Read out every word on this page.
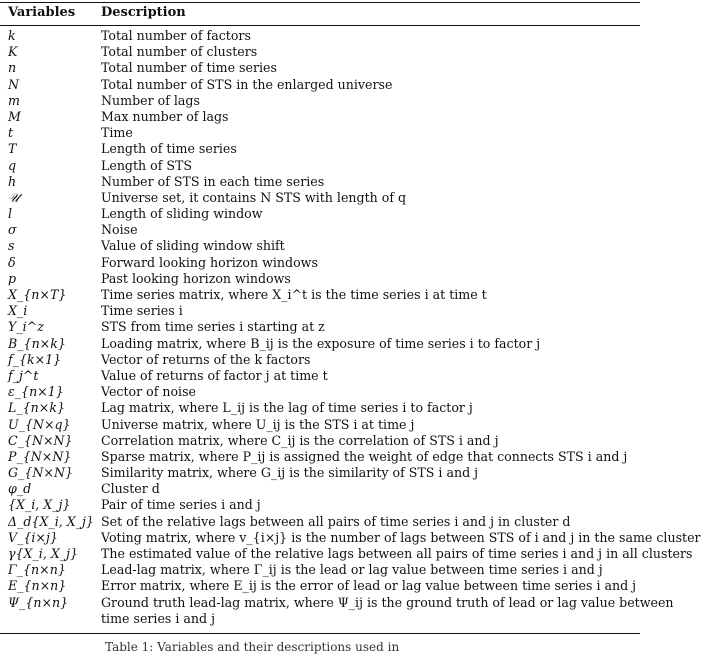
Variables Description
k	Total number of factors
K	Total number of clusters
n	Total number of time series
N	Total number of STS in the enlarged universe
m	Number of lags
M	Max number of lags
t	Time
T	Length of time series
q	Length of STS
h	Number of STS in each time series
𝒰	Universe set, it contains N STS with length of q
l	Length of sliding window
σ	Noise
s	Value of sliding window shift
δ	Forward looking horizon windows
p	Past looking horizon windows
X_{n×T}	Time series matrix, where X_i^t is the time series i at time t
X_i	Time series i
Y_i^z	STS from time series i starting at z
B_{n×k}	Loading matrix, where B_ij is the exposure of time series i to factor j
f_{k×1}	Vector of returns of the k factors
f_j^t	Value of returns of factor j at time t
ε_{n×1}	Vector of noise
L_{n×k}	Lag matrix, where L_ij is the lag of time series i to factor j
U_{N×q} Universe matrix, where U_ij is the STS i at time j
C_{N×N} Correlation matrix, where C_ij is the correlation of STS i and j
P_{N×N} Sparse matrix, where P_ij is assigned the weight of edge that connects STS i and j
G_{N×N} Similarity matrix, where G_ij is the similarity of STS i and j
φ_d	Cluster d
{X_i, X_j} Pair of time series i and j
Δ_d{X_i, X_j} Set of the relative lags between all pairs of time series i and j in cluster d
V_{i×j}	Voting matrix, where v_{i×j} is the number of lags between STS of i and j in the same cluster
γ{X_i, X_j} The estimated value of the relative lags between all pairs of time series i and j in all clusters
Γ_{n×n}	Lead-lag matrix, where Γ_ij is the lead or lag value between time series i and j
E_{n×n}	Error matrix, where E_ij is the error of lead or lag value between time series i and j
Ψ_{n×n}	Ground truth lead-lag matrix, where Ψ_ij is the ground truth of lead or lag value between
time series i and j
Table 1: Variables and their descriptions used in
